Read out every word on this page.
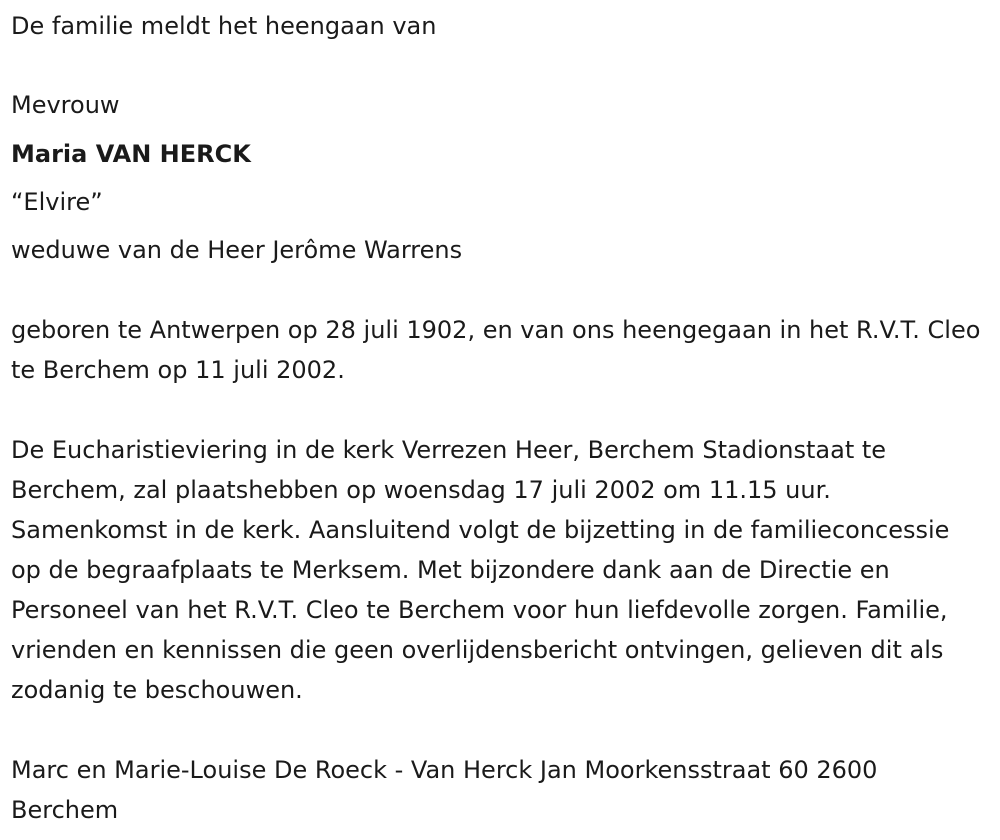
De familie meldt het heengaan van

Mevrouw

Maria VAN HERCK

“Elvire”

weduwe van de Heer Jerôme Warrens

geboren te Antwerpen op 28 juli 1902, en van ons heengegaan in het R.V.T. Cleo te Berchem op 11 juli 2002.

De Eucharistieviering in de kerk Verrezen Heer, Berchem Stadionstaat te Berchem, zal plaatshebben op woensdag 17 juli 2002 om 11.15 uur. Samenkomst in de kerk. Aansluitend volgt de bijzetting in de familieconcessie op de begraafplaats te Merksem. Met bijzondere dank aan de Directie en Personeel van het R.V.T. Cleo te Berchem voor hun liefdevolle zorgen. Familie, vrienden en kennissen die geen overlijdensbericht ontvingen, gelieven dit als zodanig te beschouwen.

Marc en Marie-Louise De Roeck - Van Herck Jan Moorkensstraat 60 2600 Berchem
